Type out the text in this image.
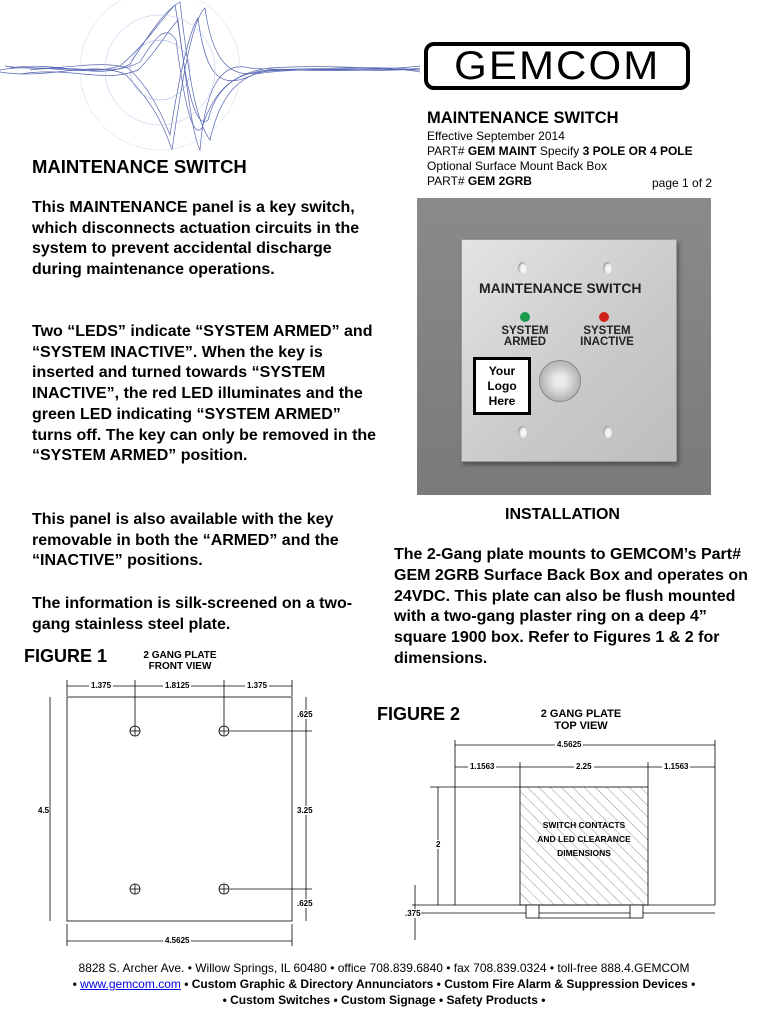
GEMCOM
MAINTENANCE SWITCH
Effective September 2014
PART# GEM MAINT Specify 3 POLE OR 4 POLE
Optional Surface Mount Back Box
PART# GEM 2GRB	page 1 of 2
MAINTENANCE SWITCH
This MAINTENANCE panel is a key switch, which disconnects actuation circuits in the system to prevent accidental discharge during maintenance operations.
Two “LEDS” indicate “SYSTEM ARMED” and “SYSTEM INACTIVE”. When the key is inserted and turned towards “SYSTEM INACTIVE”, the red LED illuminates and the green LED indicating “SYSTEM ARMED” turns off. The key can only be removed in the “SYSTEM ARMED” position.
This panel is also available with the key removable in both the “ARMED” and the “INACTIVE” positions.
The information is silk-screened on a two-gang stainless steel plate.
MAINTENANCE SWITCH
SYSTEM
ARMED
SYSTEM
INACTIVE
Your Logo Here
INSTALLATION
The 2-Gang plate mounts to GEMCOM’s Part# GEM 2GRB Surface Back Box and operates on 24VDC. This plate can also be flush mounted with a two-gang plaster ring on a deep 4” square 1900 box. Refer to Figures 1 & 2 for dimensions.
FIGURE 1	2 GANG PLATE
FRONT VIEW
1.375	1.8125	1.375
.625
4.5	3.25
.625
4.5625
FIGURE 2	2 GANG PLATE
TOP VIEW
4.5625
1.1563	2.25	1.1563
2
.375
SWITCH CONTACTS
AND LED CLEARANCE
DIMENSIONS
8828 S. Archer Ave. • Willow Springs, IL 60480 • office 708.839.6840 • fax 708.839.0324 • toll-free 888.4.GEMCOM
• www.gemcom.com • Custom Graphic & Directory Annunciators • Custom Fire Alarm & Suppression Devices •
• Custom Switches • Custom Signage • Safety Products •
